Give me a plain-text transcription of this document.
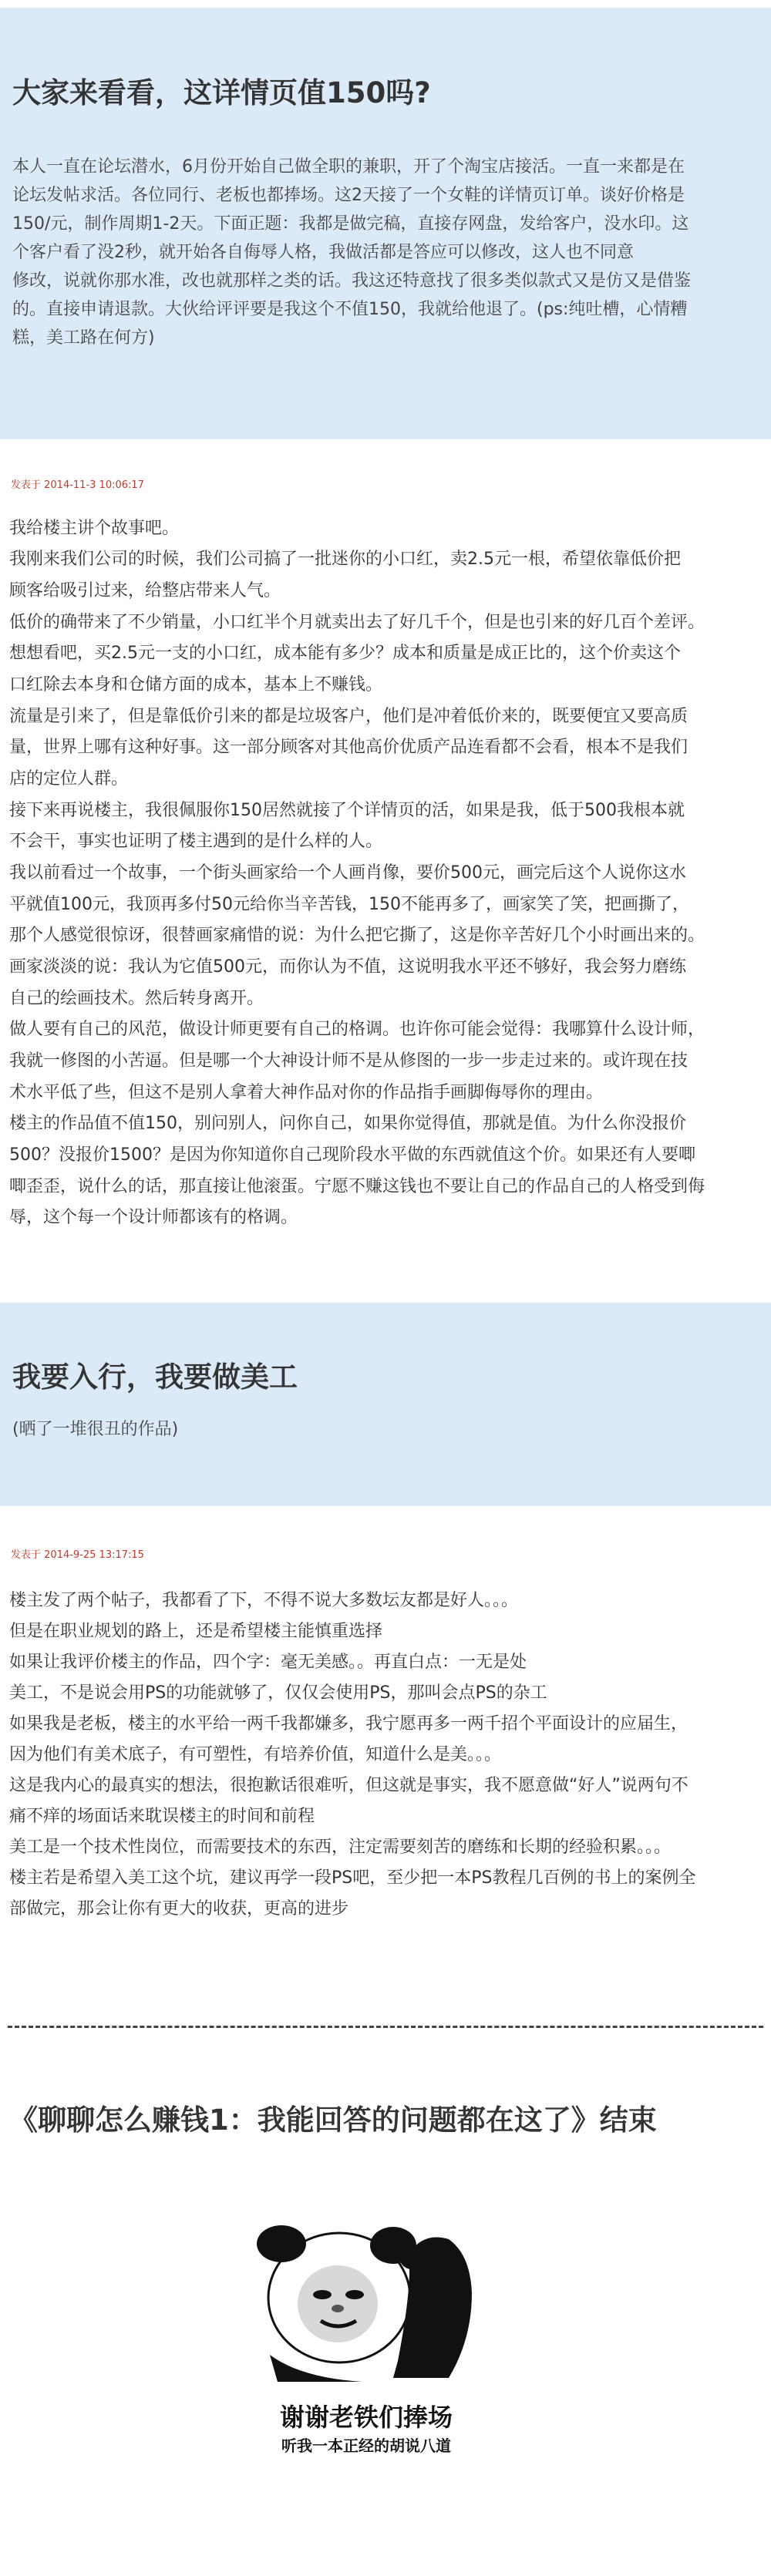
大家来看看，这详情页值150吗?

本人一直在论坛潜水，6月份开始自己做全职的兼职，开了个淘宝店接活。一直一来都是在

论坛发帖求活。各位同行、老板也都捧场。这2天接了一个女鞋的详情页订单。谈好价格是

150/元，制作周期1-2天。下面正题：我都是做完稿，直接存网盘，发给客户，没水印。这

个客户看了没2秒，就开始各自侮辱人格，我做活都是答应可以修改，这人也不同意

修改，说就你那水准，改也就那样之类的话。我这还特意找了很多类似款式又是仿又是借鉴

的。直接申请退款。大伙给评评要是我这个不值150，我就给他退了。(ps:纯吐槽，心情糟

糕，美工路在何方)

发表于 2014-11-3 10:06:17

我给楼主讲个故事吧。

我刚来我们公司的时候，我们公司搞了一批迷你的小口红，卖2.5元一根，希望依靠低价把

顾客给吸引过来，给整店带来人气。

低价的确带来了不少销量，小口红半个月就卖出去了好几千个，但是也引来的好几百个差评。

想想看吧，买2.5元一支的小口红，成本能有多少？成本和质量是成正比的，这个价卖这个

口红除去本身和仓储方面的成本，基本上不赚钱。

流量是引来了，但是靠低价引来的都是垃圾客户，他们是冲着低价来的，既要便宜又要高质

量，世界上哪有这种好事。这一部分顾客对其他高价优质产品连看都不会看，根本不是我们

店的定位人群。

接下来再说楼主，我很佩服你150居然就接了个详情页的活，如果是我，低于500我根本就

不会干，事实也证明了楼主遇到的是什么样的人。

我以前看过一个故事，一个街头画家给一个人画肖像，要价500元，画完后这个人说你这水

平就值100元，我顶再多付50元给你当辛苦钱，150不能再多了，画家笑了笑，把画撕了，

那个人感觉很惊讶，很替画家痛惜的说：为什么把它撕了，这是你辛苦好几个小时画出来的。

画家淡淡的说：我认为它值500元，而你认为不值，这说明我水平还不够好，我会努力磨练

自己的绘画技术。然后转身离开。

做人要有自己的风范，做设计师更要有自己的格调。也许你可能会觉得：我哪算什么设计师，

我就一修图的小苦逼。但是哪一个大神设计师不是从修图的一步一步走过来的。或许现在技

术水平低了些，但这不是别人拿着大神作品对你的作品指手画脚侮辱你的理由。

楼主的作品值不值150，别问别人，问你自己，如果你觉得值，那就是值。为什么你没报价

500？没报价1500？是因为你知道你自己现阶段水平做的东西就值这个价。如果还有人要唧

唧歪歪，说什么的话，那直接让他滚蛋。宁愿不赚这钱也不要让自己的作品自己的人格受到侮

辱，这个每一个设计师都该有的格调。

我要入行，我要做美工

(晒了一堆很丑的作品)

发表于 2014-9-25 13:17:15

楼主发了两个帖子，我都看了下，不得不说大多数坛友都是好人。。。

但是在职业规划的路上，还是希望楼主能慎重选择

如果让我评价楼主的作品，四个字：毫无美感。。再直白点：一无是处

美工，不是说会用PS的功能就够了，仅仅会使用PS，那叫会点PS的杂工

如果我是老板，楼主的水平给一两千我都嫌多，我宁愿再多一两千招个平面设计的应届生，

因为他们有美术底子，有可塑性，有培养价值，知道什么是美。。。

这是我内心的最真实的想法，很抱歉话很难听，但这就是事实，我不愿意做“好人”说两句不

痛不痒的场面话来耽误楼主的时间和前程

美工是一个技术性岗位，而需要技术的东西，注定需要刻苦的磨练和长期的经验积累。。。

楼主若是希望入美工这个坑，建议再学一段PS吧，至少把一本PS教程几百例的书上的案例全

部做完，那会让你有更大的收获，更高的进步

《聊聊怎么赚钱1：我能回答的问题都在这了》结束
谢谢老铁们捧场
听我一本正经的胡说八道
